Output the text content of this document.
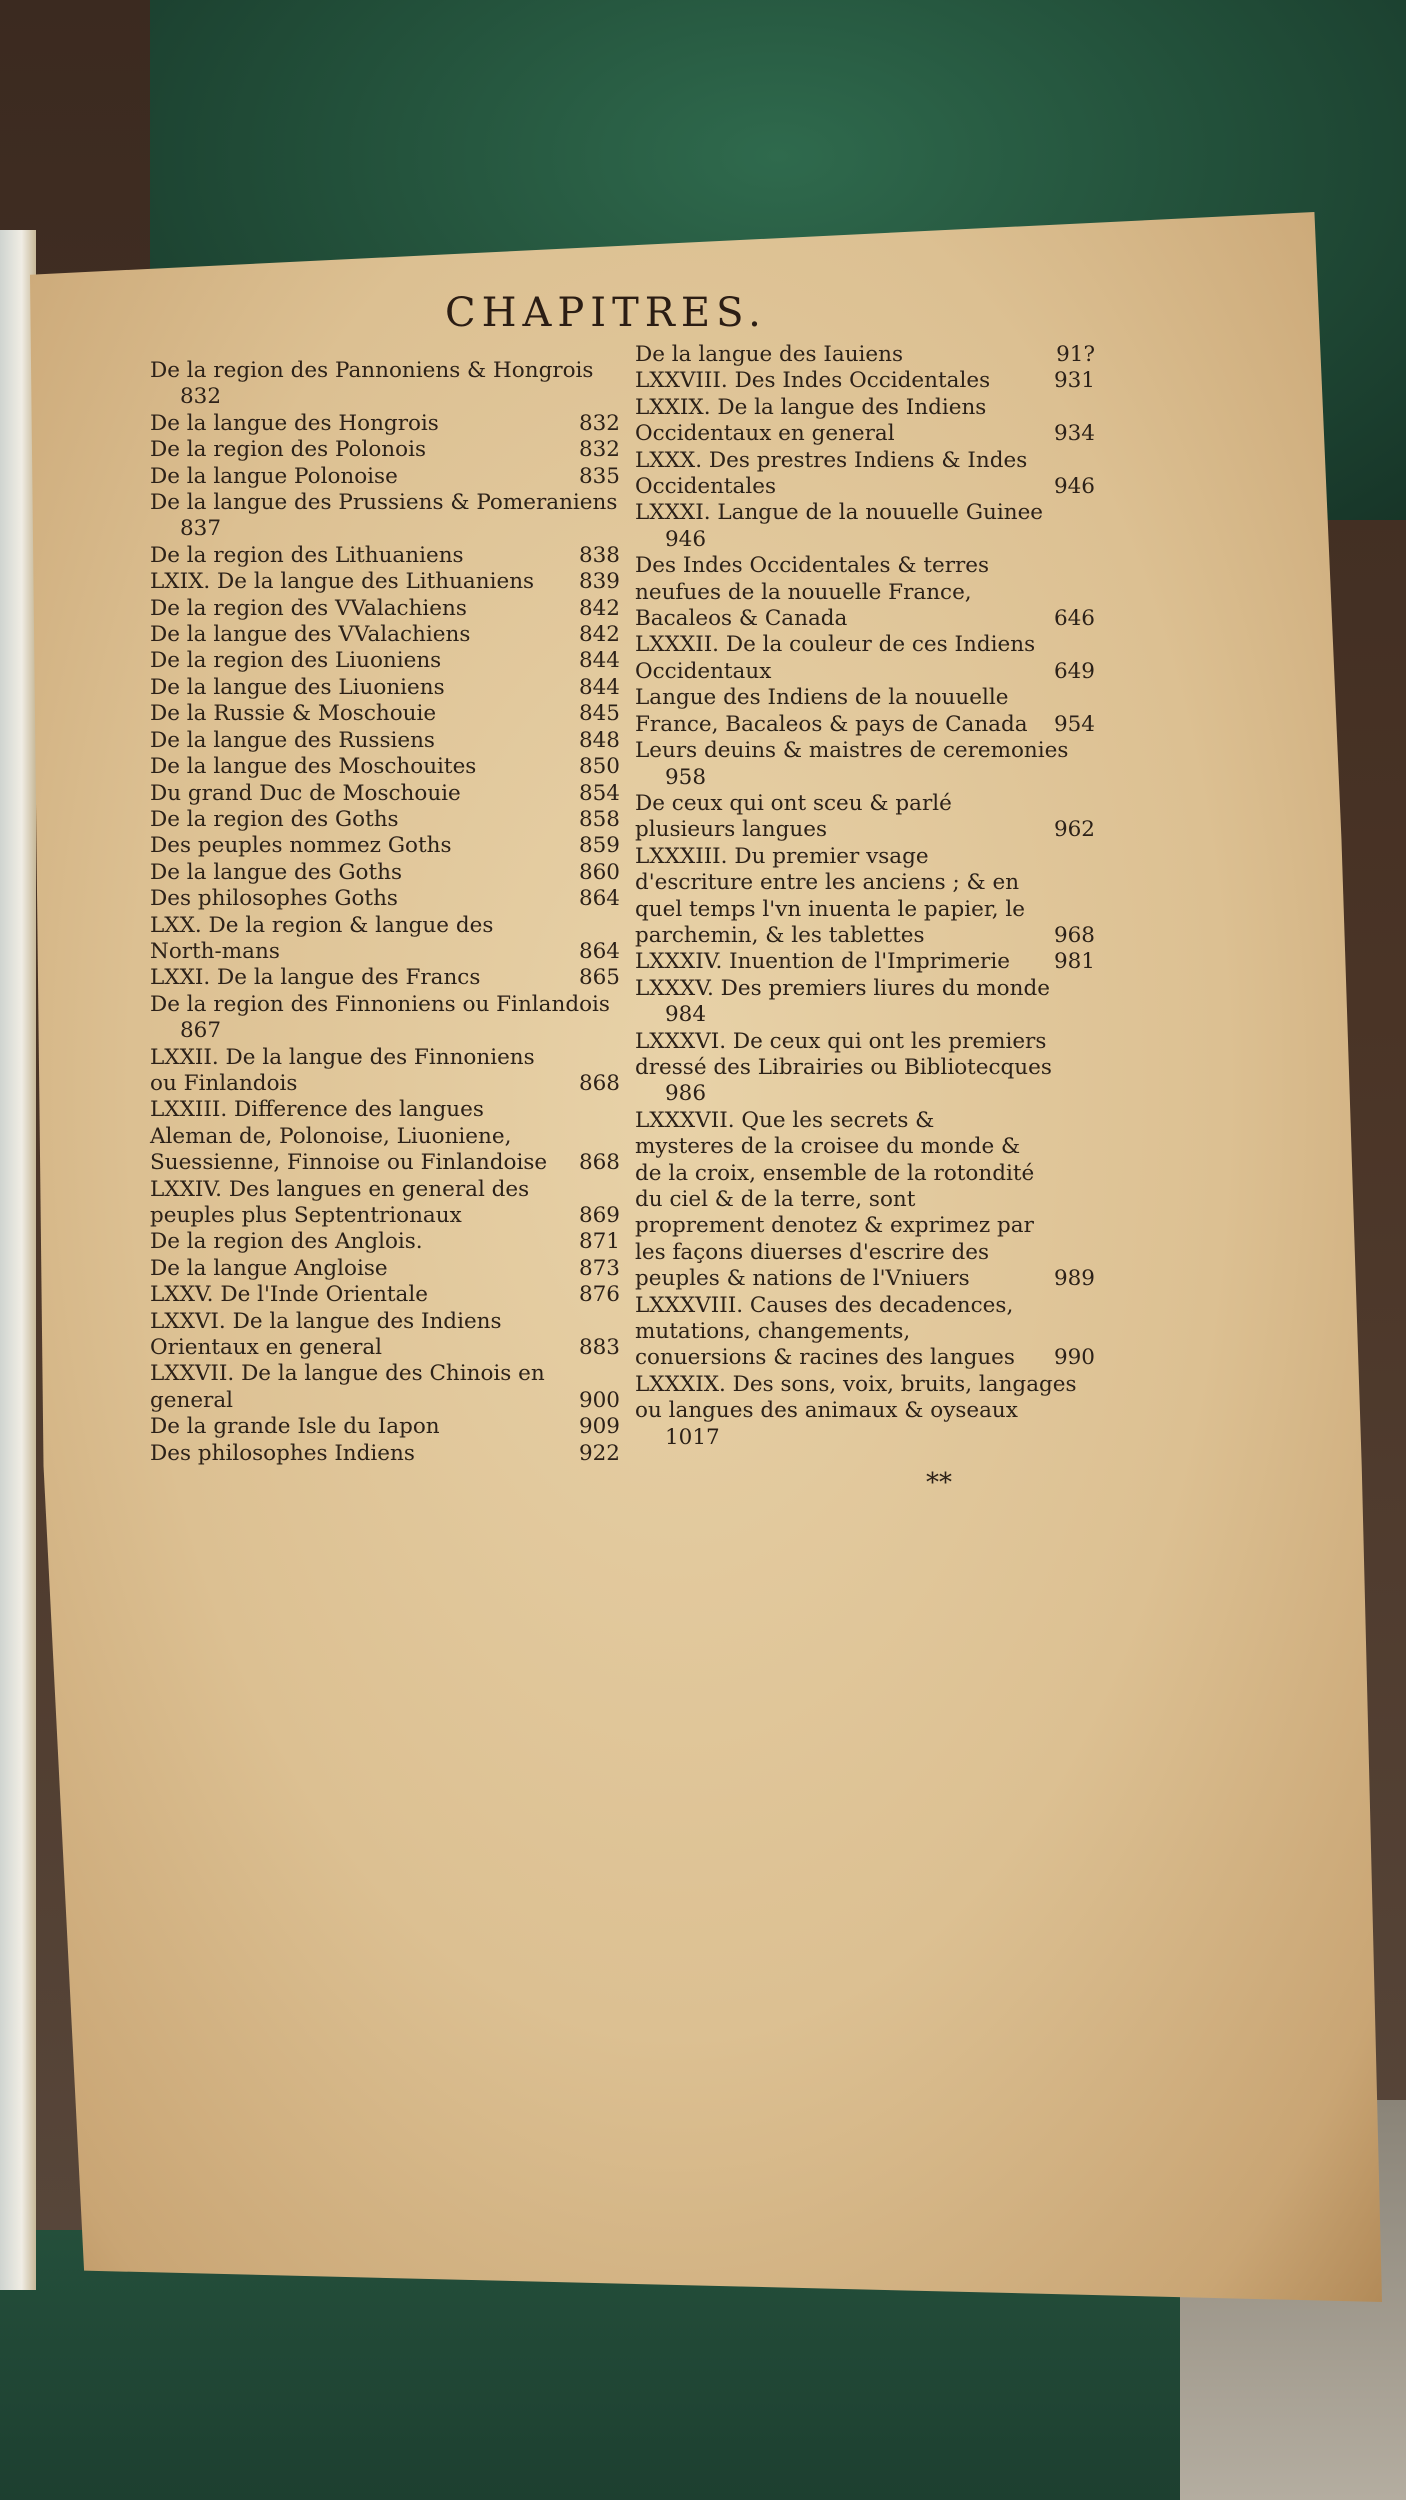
CHAPITRES.
De la region des Pannoniens & Hongrois
832
De la langue des Hongrois	832
De la region des Polonois	832
De la langue Polonoise	835
De la langue des Prussiens & Pomeraniens
837
De la region des Lithuaniens	838
LXIX. De la langue des Lithuaniens	839
De la region des VValachiens	842
De la langue des VValachiens	842
De la region des Liuoniens	844
De la langue des Liuoniens	844
De la Russie & Moschouie	845
De la langue des Russiens	848
De la langue des Moschouites	850
Du grand Duc de Moschouie	854
De la region des Goths	858
Des peuples nommez Goths	859
De la langue des Goths	860
Des philosophes Goths	864
LXX. De la region & langue des North-mans	864
LXXI. De la langue des Francs	865
De la region des Finnoniens ou Finlandois
867
LXXII. De la langue des Finnoniens ou Finlandois	868
LXXIII. Difference des langues Aleman de, Polonoise, Liuoniene, Suessienne, Finnoise ou Finlandoise	868
LXXIV. Des langues en general des peuples plus Septentrionaux	869
De la region des Anglois.	871
De la langue Angloise	873
LXXV. De l'Inde Orientale	876
LXXVI. De la langue des Indiens Orientaux en general	883
LXXVII. De la langue des Chinois en general	900
De la grande Isle du Iapon	909
Des philosophes Indiens	922
De la langue des Iauiens	91?
LXXVIII. Des Indes Occidentales	931
LXXIX. De la langue des Indiens Occidentaux en general	934
LXXX. Des prestres Indiens & Indes Occidentales	946
LXXXI. Langue de la nouuelle Guinee
946
Des Indes Occidentales & terres neufues de la nouuelle France, Bacaleos & Canada	646
LXXXII. De la couleur de ces Indiens Occidentaux	649
Langue des Indiens de la nouuelle France, Bacaleos & pays de Canada	954
Leurs deuins & maistres de ceremonies
958
De ceux qui ont sceu & parlé plusieurs langues	962
LXXXIII. Du premier vsage d'escriture entre les anciens ; & en quel temps l'vn inuenta le papier, le parchemin, & les tablettes	968
LXXXIV. Inuention de l'Imprimerie	981
LXXXV. Des premiers liures du monde
984
LXXXVI. De ceux qui ont les premiers dressé des Librairies ou Bibliotecques
986
LXXXVII. Que les secrets & mysteres de la croisee du monde & de la croix, ensemble de la rotondité du ciel & de la terre, sont proprement denotez & exprimez par les façons diuerses d'escrire des peuples & nations de l'Vniuers	989
LXXXVIII. Causes des decadences, mutations, changements, conuersions & racines des langues	990
LXXXIX. Des sons, voix, bruits, langages ou langues des animaux & oyseaux
1017
**
